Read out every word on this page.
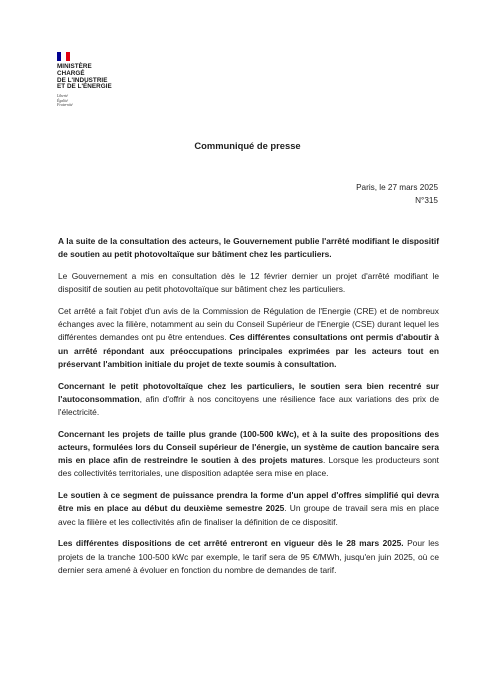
MINISTÈRE
CHARGÉ
DE L'INDUSTRIE
ET DE L'ÉNERGIE
Liberté
Égalité
Fraternité
Communiqué de presse
Paris, le 27 mars 2025
N°315

A la suite de la consultation des acteurs, le Gouvernement publie l'arrêté modifiant le dispositif de soutien au petit photovoltaïque sur bâtiment chez les particuliers.

Le Gouvernement a mis en consultation dès le 12 février dernier un projet d'arrêté modifiant le dispositif de soutien au petit photovoltaïque sur bâtiment chez les particuliers.

Cet arrêté a fait l'objet d'un avis de la Commission de Régulation de l'Energie (CRE) et de nombreux échanges avec la filière, notamment au sein du Conseil Supérieur de l'Energie (CSE) durant lequel les différentes demandes ont pu être entendues. Ces différentes consultations ont permis d'aboutir à un arrêté répondant aux préoccupations principales exprimées par les acteurs tout en préservant l'ambition initiale du projet de texte soumis à consultation.

Concernant le petit photovoltaïque chez les particuliers, le soutien sera bien recentré sur l'autoconsommation, afin d'offrir à nos concitoyens une résilience face aux variations des prix de l'électricité.

Concernant les projets de taille plus grande (100-500 kWc), et à la suite des propositions des acteurs, formulées lors du Conseil supérieur de l'énergie, un système de caution bancaire sera mis en place afin de restreindre le soutien à des projets matures. Lorsque les producteurs sont des collectivités territoriales, une disposition adaptée sera mise en place.

Le soutien à ce segment de puissance prendra la forme d'un appel d'offres simplifié qui devra être mis en place au début du deuxième semestre 2025. Un groupe de travail sera mis en place avec la filière et les collectivités afin de finaliser la définition de ce dispositif.

Les différentes dispositions de cet arrêté entreront en vigueur dès le 28 mars 2025. Pour les projets de la tranche 100-500 kWc par exemple, le tarif sera de 95 €/MWh, jusqu'en juin 2025, où ce dernier sera amené à évoluer en fonction du nombre de demandes de tarif.
